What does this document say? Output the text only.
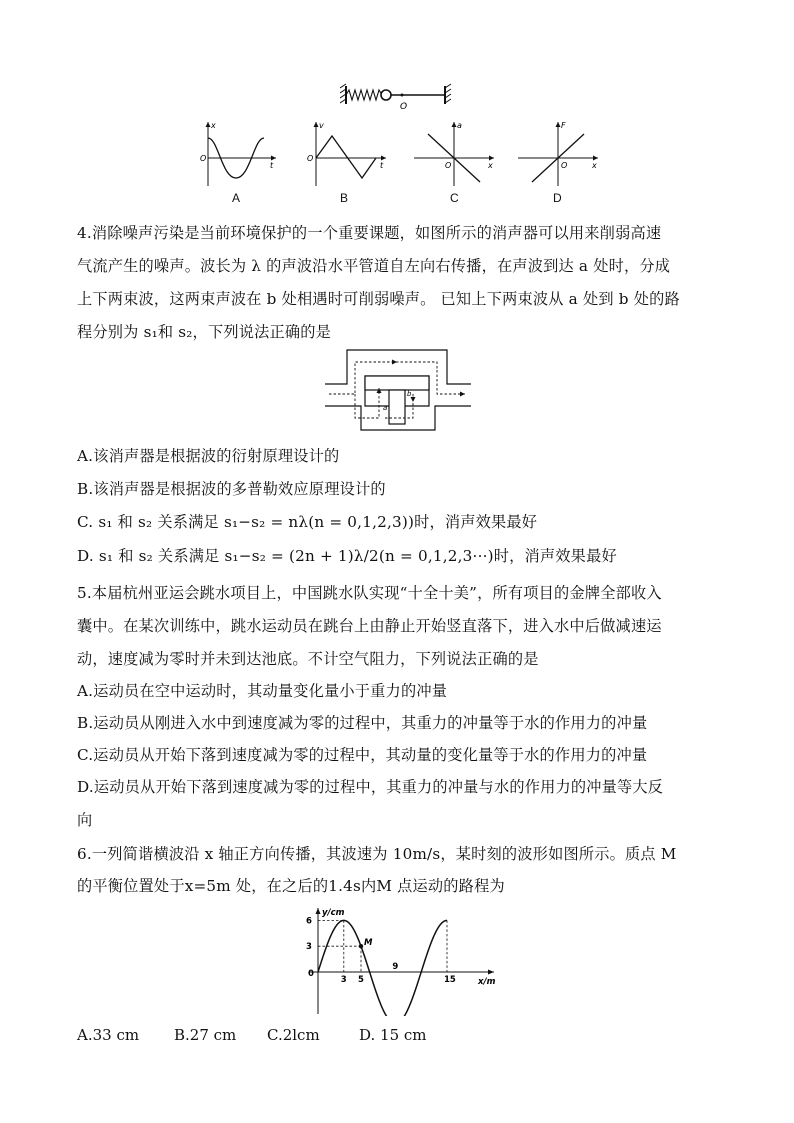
O
x
t
O
A
v
t
O
B
a
x
O
C
F
x
O
D
4.消除噪声污染是当前环境保护的一个重要课题，如图所示的消声器可以用来削弱高速
气流产生的噪声。波长为 λ 的声波沿水平管道自左向右传播，在声波到达 a 处时，分成
上下两束波，这两束声波在 b 处相遇时可削弱噪声。 已知上下两束波从 a 处到 b 处的路
程分别为 s₁和 s₂，下列说法正确的是
a
b
A.该消声器是根据波的衍射原理设计的
B.该消声器是根据波的多普勒效应原理设计的
C. s₁ 和 s₂ 关系满足 s₁−s₂ = nλ(n = 0,1,2,3))时，消声效果最好
D. s₁ 和 s₂ 关系满足 s₁−s₂ = (2n + 1)λ/2(n = 0,1,2,3···)时，消声效果最好
5.本届杭州亚运会跳水项目上，中国跳水队实现“十全十美”，所有项目的金牌全部收入
囊中。在某次训练中，跳水运动员在跳台上由静止开始竖直落下，进入水中后做减速运
动，速度减为零时并未到达池底。不计空气阻力，下列说法正确的是
A.运动员在空中运动时，其动量变化量小于重力的冲量
B.运动员从刚进入水中到速度减为零的过程中，其重力的冲量等于水的作用力的冲量
C.运动员从开始下落到速度减为零的过程中，其动量的变化量等于水的作用力的冲量
D.运动员从开始下落到速度减为零的过程中，其重力的冲量与水的作用力的冲量等大反
向
6.一列简谐横波沿 x 轴正方向传播，其波速为 10m/s，某时刻的波形如图所示。质点 M
的平衡位置处于x=5m 处，在之后的1.4s内M 点运动的路程为
M
6
3
3 5
9
15
y/cm
x/m
0
A.33 cm B.27 cm C.2lcm	D. 15 cm
